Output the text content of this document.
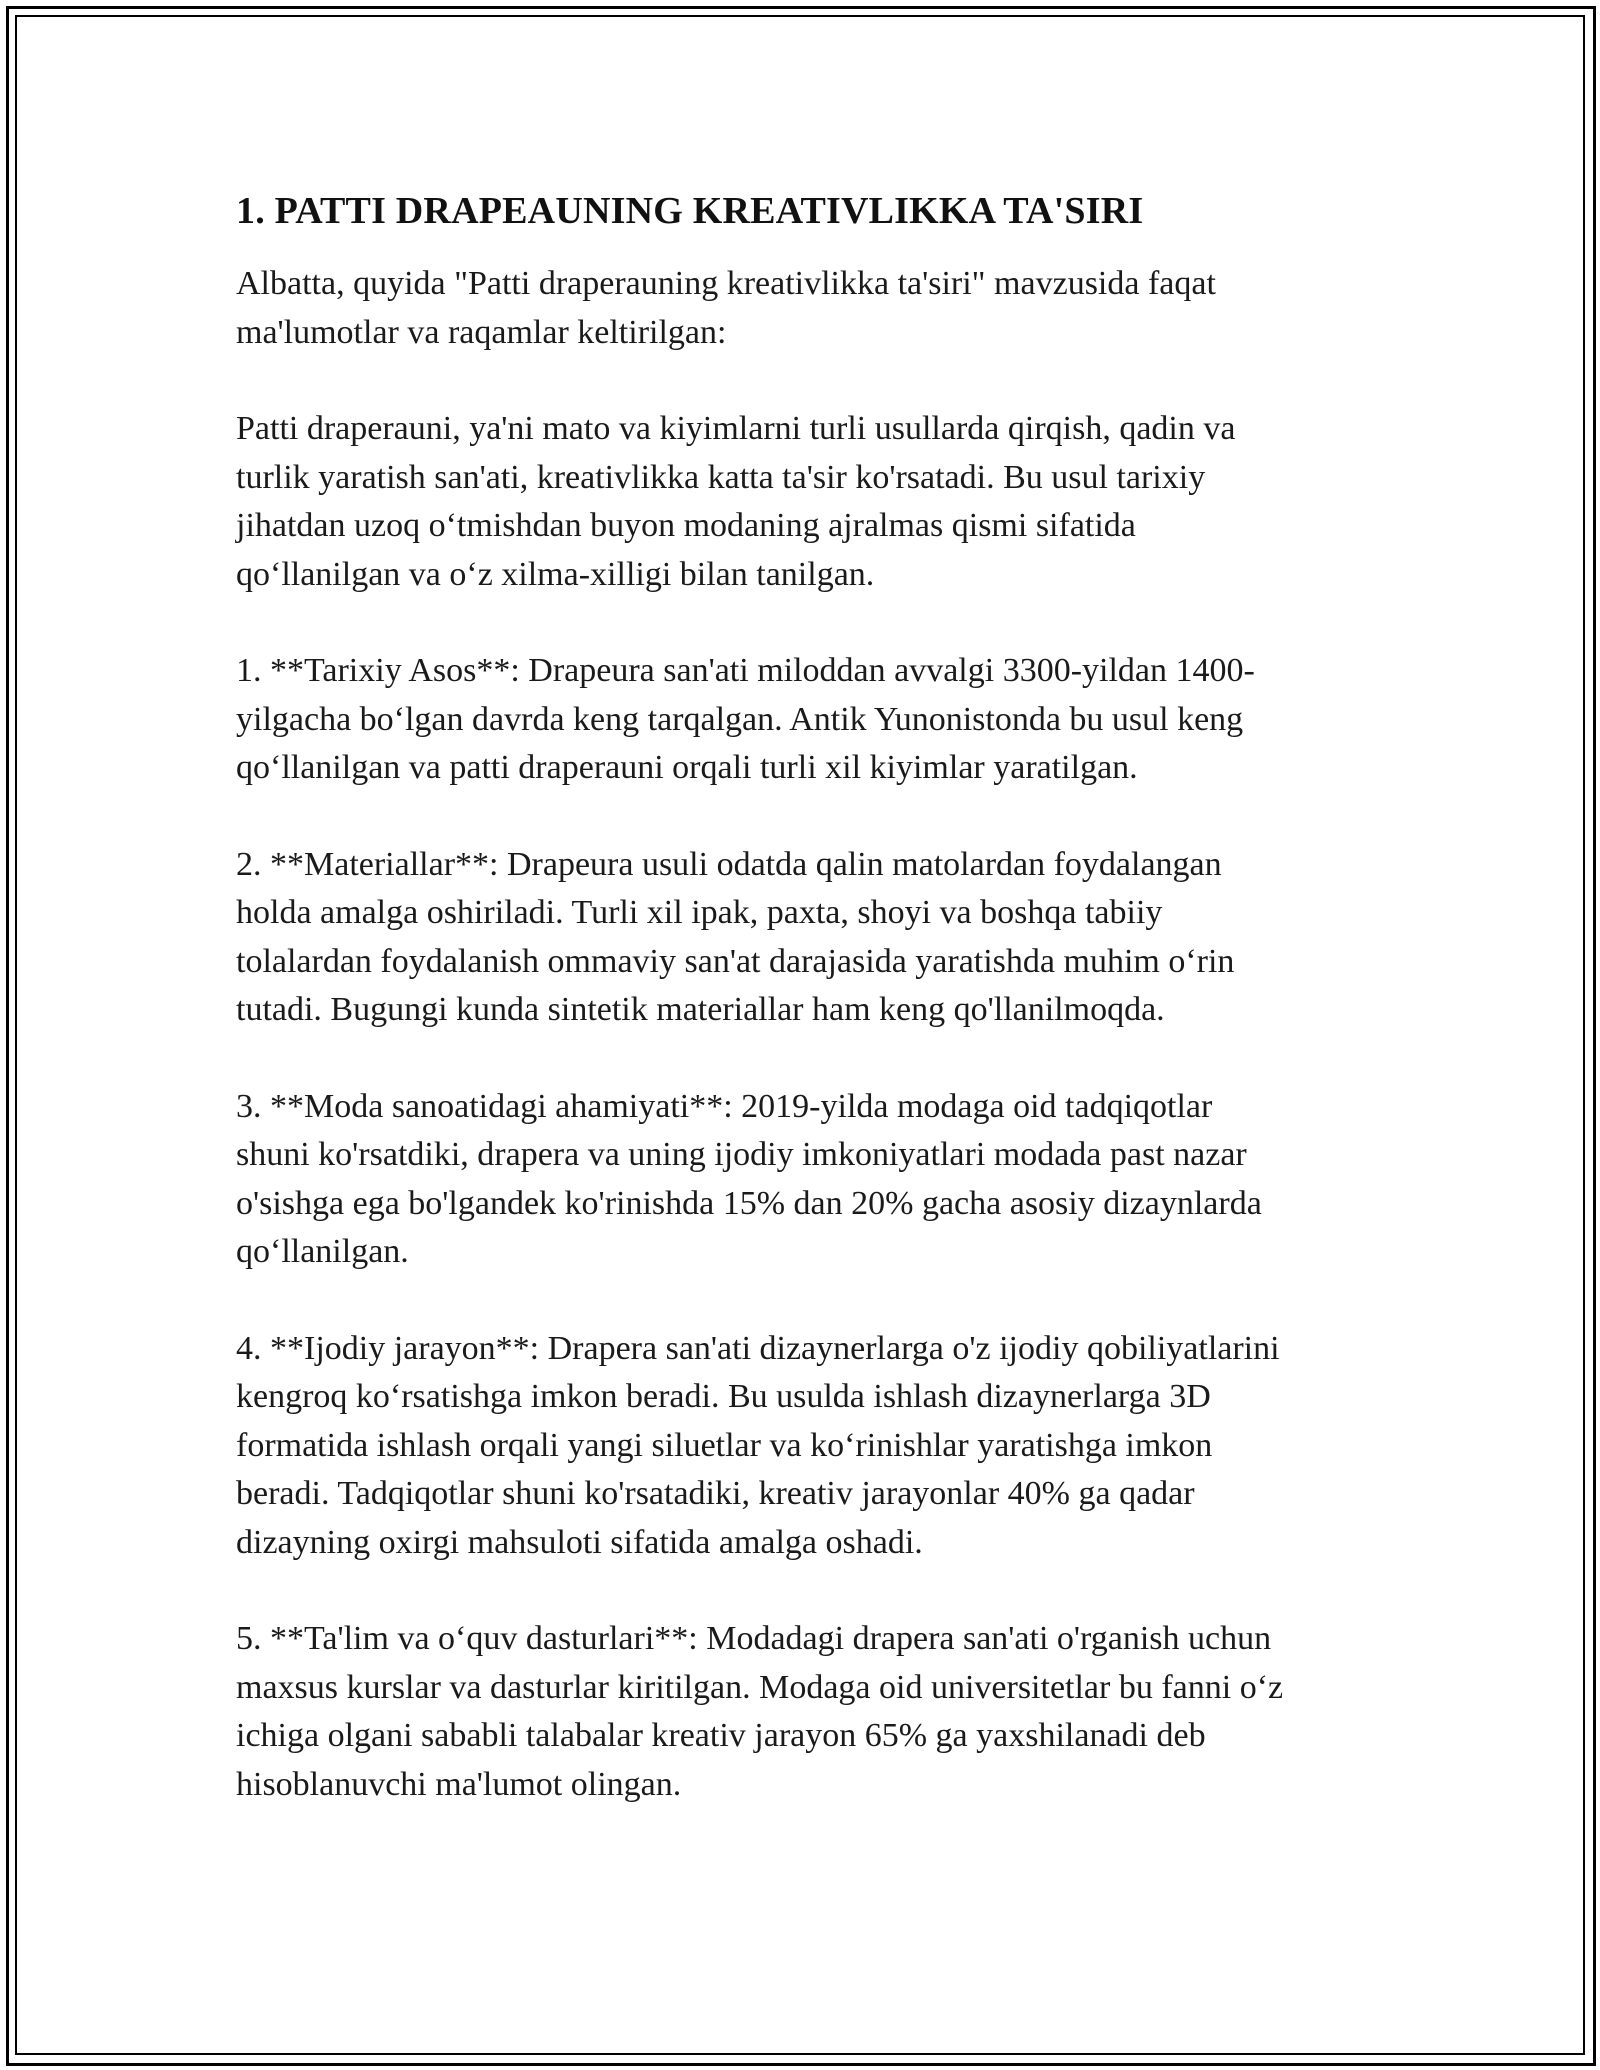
1. PATTI DRAPEAUNING KREATIVLIKKA TA'SIRI

Albatta, quyida "Patti draperauning kreativlikka ta'siri" mavzusida faqat
ma'lumotlar va raqamlar keltirilgan:

Patti draperauni, ya'ni mato va kiyimlarni turli usullarda qirqish, qadin va
turlik yaratish san'ati, kreativlikka katta ta'sir ko'rsatadi. Bu usul tarixiy
jihatdan uzoq oʻtmishdan buyon modaning ajralmas qismi sifatida
qoʻllanilgan va oʻz xilma-xilligi bilan tanilgan.

1. **Tarixiy Asos**: Drapeura san'ati miloddan avvalgi 3300-yildan 1400-
yilgacha boʻlgan davrda keng tarqalgan. Antik Yunonistonda bu usul keng
qoʻllanilgan va patti draperauni orqali turli xil kiyimlar yaratilgan.

2. **Materiallar**: Drapeura usuli odatda qalin matolardan foydalangan
holda amalga oshiriladi. Turli xil ipak, paxta, shoyi va boshqa tabiiy
tolalardan foydalanish ommaviy san'at darajasida yaratishda muhim oʻrin
tutadi. Bugungi kunda sintetik materiallar ham keng qo'llanilmoqda.

3. **Moda sanoatidagi ahamiyati**: 2019-yilda modaga oid tadqiqotlar
shuni ko'rsatdiki, drapera va uning ijodiy imkoniyatlari modada past nazar
o'sishga ega bo'lgandek ko'rinishda 15% dan 20% gacha asosiy dizaynlarda
qoʻllanilgan.

4. **Ijodiy jarayon**: Drapera san'ati dizaynerlarga o'z ijodiy qobiliyatlarini
kengroq koʻrsatishga imkon beradi. Bu usulda ishlash dizaynerlarga 3D
formatida ishlash orqali yangi siluetlar va koʻrinishlar yaratishga imkon
beradi. Tadqiqotlar shuni ko'rsatadiki, kreativ jarayonlar 40% ga qadar
dizayning oxirgi mahsuloti sifatida amalga oshadi.

5. **Ta'lim va oʻquv dasturlari**: Modadagi drapera san'ati o'rganish uchun
maxsus kurslar va dasturlar kiritilgan. Modaga oid universitetlar bu fanni oʻz
ichiga olgani sababli talabalar kreativ jarayon 65% ga yaxshilanadi deb
hisoblanuvchi ma'lumot olingan.
